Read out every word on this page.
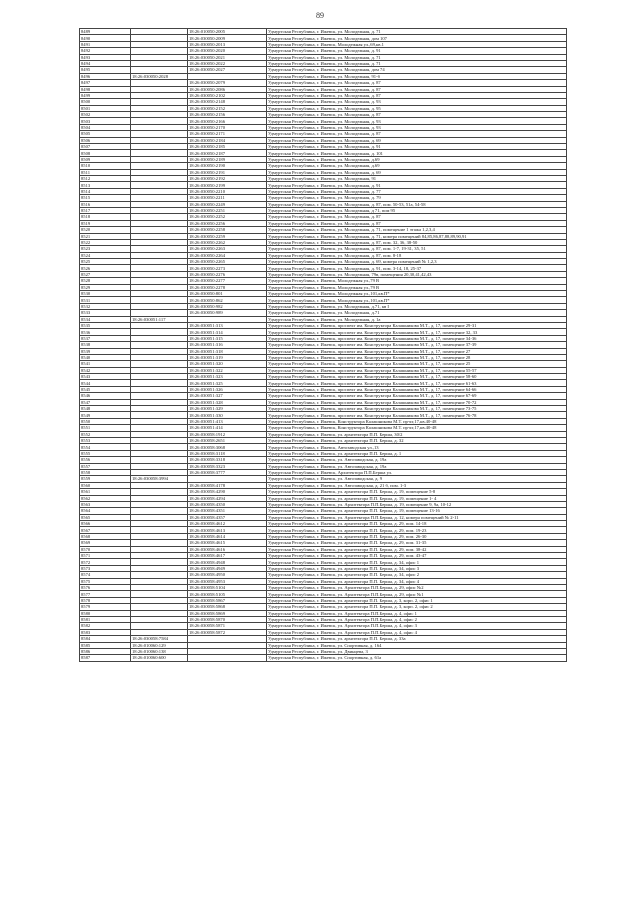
89
8489		18:26:010050:2005	Удмуртская Республика, г. Ижевск, ул. Молодежная, д. 71
8490		18:26:030050:2009	Удмуртская Республика, г. Ижевск, ул. Молодежная, дом 107
8491		18:26:030050:2013	Удмуртская Республика, г. Ижевск, Молодежная ул.,69,кв.1
8492		18:26:030050:2020	Удмуртская Республика, г. Ижевск, ул. Молодежная, д. 91
8493		18:26:030050:2021	Удмуртская Республика, г. Ижевск, ул. Молодежная, д. 71
8494		18:26:030050:2022	Удмуртская Республика, г. Ижевск, ул. Молодежная, д. 71
8495		18:26:030050:2027	Удмуртская Республика, г. Ижевск, ул. Молодежная, дом 74
8496	18:26:030050:2028		Удмуртская Республика, г. Ижевск, ул. Молодежная, 91-б
8497		18:26:030050:2079	Удмуртская Республика, г. Ижевск, ул. Молодежная, д. 87
8498		18:26:030050:2086	Удмуртская Республика, г. Ижевск, ул. Молодежная, д. 87
8499		18:26:030050:2102	Удмуртская Республика, г. Ижевск, ул. Молодежная, д. 87
8500		18:26:030050:2148	Удмуртская Республика, г. Ижевск, ул. Молодежная, д. 93
8501		18:26:030050:2152	Удмуртская Республика, г. Ижевск, ул. Молодежная, д. 95
8502		18:26:030050:2156	Удмуртская Республика, г. Ижевск, ул. Молодежная, д. 87
8503		18:26:030050:2166	Удмуртская Республика, г. Ижевск, ул. Молодежная, д. 93
8504		18:26:030050:2170	Удмуртская Республика, г. Ижевск, ул. Молодежная, д. 93
8505		18:26:030050:2171	Удмуртская Республика, г. Ижевск, ул. Молодежная, д. 87
8506		18:26:030050:2184	Удмуртская Республика, г. Ижевск, ул. Молодежная, д. 69
8507		18:26:030050:2185	Удмуртская Республика, г. Ижевск, ул. Молодежная, д. 91
8508		18:26:030050:2187	Удмуртская Республика, г. Ижевск, ул. Молодежная, д. 101
8509		18:26:030050:2189	Удмуртская Республика, г. Ижевск, ул. Молодежная, д.69
8510		18:26:030050:2190	Удмуртская Республика, г. Ижевск, ул. Молодежная, д.69
8511		18:26:030050:2191	Удмуртская Республика, г. Ижевск, ул. Молодежная, д. 69
8512		18:26:030050:2192	Удмуртская Республика, г. Ижевск, ул. Молодежная, 91
8513		18:26:030050:2199	Удмуртская Республика, г. Ижевск, ул. Молодежная, д. 91
8514		18:26:030050:2210	Удмуртская Республика, г. Ижевск, ул. Молодежная, д. 77
8515		18:26:030050:2211	Удмуртская Республика, г. Ижевск, ул. Молодежная, д. 79
8516		18:26:030050:2249	Удмуртская Республика, г. Ижевск, ул. Молодежная, д. 87, пом. 50-53, 51а, 54-58
8517		18:26:030050:2251	Удмуртская Республика, г. Ижевск, ул. Молодежная, д 71, пом 95
8518		18:26:030050:2252	Удмуртская Республика, г. Ижевск, ул. Молодежная, д. 87
8519		18:26:030050:2256	Удмуртская Республика, г. Ижевск, ул. Молодежная, д. 87
8520		18:26:030050:2258	Удмуртская Республика, г. Ижевск, ул. Молодежная, д. 71, помещение 1 этажа 1,2,3,4
8521		18:26:030050:2259	Удмуртская Республика, г. Ижевск, ул. Молодежная, д. 71, номера помещений 84,85,86,87,88,89,90,91
8522		18:26:030050:2262	Удмуртская Республика, г. Ижевск, ул. Молодежная, д. 87, пом. 32, 36, 38-50
8523		18:26:030050:2263	Удмуртская Республика, г. Ижевск, ул. Молодежная, д. 87, пом. 1-7, 19-31, 35, 51
8524		18:26:030050:2264	Удмуртская Республика, г. Ижевск, ул. Молодежная, д. 87, пом. 8-18
8525		18:26:030050:2265	Удмуртская Республика, г. Ижевск, ул. Молодежная, д. 69, номера помещений № 1,2,3
8526		18:26:030050:2273	Удмуртская Республика, г. Ижевск, ул. Молодежная, д. 91, пом. 3-14, 18, 25-37
8527		18:26:030050:2276	Удмуртская Республика, г. Ижевск, ул. Молодежная, 79в, помещения 20,30,41,42,43
8528		18:26:030050:2277	Удмуртская Республика, г. Ижевск, Молодежная ул.,79 В
8529		18:26:030050:2278	Удмуртская Республика, г. Ижевск, Молодежная ул.,79 В
8530		18:26:030050:801	Удмуртская Республика, г. Ижевск, Молодежная ул.,101,кв.П*
8531		18:26:030050:862	Удмуртская Республика, г. Ижевск, Молодежная ул.,101,кв.П*
8532		18:26:030050:982	Удмуртская Республика, г. Ижевск, ул. Молодежная, д.71, кв I
8533		18:26:030050:989	Удмуртская Республика, г. Ижевск, ул. Молодежная, д.71
8534	18:26:030051:117		Удмуртская Республика, г. Ижевск, ул. Молодежная, д. 1а
8535		18:26:030051:313	Удмуртская Республика, г. Ижевск, проспект им. Конструктора Калашникова М.Т., д. 17, помещение 29-31
8536		18:26:030051:314	Удмуртская Республика, г. Ижевск, проспект им. Конструктора Калашникова М.Т., д. 17, помещение 32, 33
8537		18:26:030051:315	Удмуртская Республика, г. Ижевск, проспект им. Конструктора Калашникова М.Т., д. 17, помещение 34-36
8538		18:26:030051:316	Удмуртская Республика, г. Ижевск, проспект им. Конструктора Калашникова М.Т., д. 17, помещение 37-39
8539		18:26:030051:318	Удмуртская Республика, г. Ижевск, проспект им. Конструктора Калашникова М.Т., д. 17, помещение 27
8540		18:26:030051:319	Удмуртская Республика, г. Ижевск, проспект им. Конструктора Калашникова М.Т., д. 17, помещение 28
8541		18:26:030051:320	Удмуртская Республика, г. Ижевск, проспект им. Конструктора Калашникова М.Т., д. 17, помещение 25
8542		18:26:030051:322	Удмуртская Республика, г. Ижевск, проспект им. Конструктора Калашникова М.Т., д. 17, помещения 55-57
8543		18:26:030051:323	Удмуртская Республика, г. Ижевск, проспект им. Конструктора Калашникова М.Т., д. 17, помещение 58-60
8544		18:26:030051:325	Удмуртская Республика, г. Ижевск, проспект им. Конструктора Калашникова М.Т., д. 17, помещение 61-63
8545		18:26:030051:326	Удмуртская Республика, г. Ижевск, проспект им. Конструктора Калашникова М.Т., д. 17, помещение 64-66
8546		18:26:030051:327	Удмуртская Республика, г. Ижевск, проспект им. Конструктора Калашникова М.Т., д. 17, помещение 67-69
8547		18:26:030051:328	Удмуртская Республика, г. Ижевск, проспект им. Конструктора Калашникова М.Т., д. 17, помещение 70-72
8548		18:26:030051:329	Удмуртская Республика, г. Ижевск, проспект им. Конструктора Калашникова М.Т., д. 17, помещение 73-75
8549		18:26:030051:330	Удмуртская Республика, г. Ижевск, проспект им. Конструктора Калашникова М.Т., д. 17, помещение 76-78
8550		18:26:030051:413	Удмуртская Республика, г. Ижевск, Конструктора Калашникова М.Т. пр-кт,17,кв.40-48
8551		18:26:030051:414	Удмуртская Республика, г. Ижевск, Конструктора Калашникова М.Т. пр-кт,17,кв.40-48
8552		18:26:030058:1912	Удмуртская Республика, г. Ижевск, ул. архитектора П.П. Берша, 30/2
8553		18:26:030058:2651	Удмуртская Республика, г. Ижевск, ул. архитектора П.П. Берша, д. 32
8554		18:26:030058:3068	Удмуртская Республика, г. Ижевск, Автозаводская ул.,13
8555		18:26:030058:3118	Удмуртская Республика, г. Ижевск, ул. архитектора П.П. Берша, д. 1
8556		18:26:030058:3318	Удмуртская Республика, г. Ижевск, ул. Автозаводская, д. 19а
8557		18:26:030058:3323	Удмуртская Республика, г. Ижевск, ул. Автозаводская, д. 19а
8558		18:26:030058:3777	Удмуртская Республика, г. Ижевск, Архитектора П.П.Берша ул.
8559	18:26:030058:3994		Удмуртская Республика, г. Ижевск, ул. Автозаводская, д. 9
8560		18:26:030058:4178	Удмуртская Республика, г. Ижевск, ул. Автозаводская, д. 21 б, пом. 1-3
8561		18:26:030058:4290	Удмуртская Республика, г. Ижевск, ул. архитектора П.П. Берша, д. 19, помещение 5-8
8562		18:26:030058:4294	Удмуртская Республика, г. Ижевск, ул. архитектора П.П. Берша, д. 19, помещение 1- 4
8563		18:26:030058:4350	Удмуртская Республика, г. Ижевск, ул. Архитектора П.П.Берша, д. 19, помещение 9, 9а, 10-12
8564		18:26:030058:4351	Удмуртская Республика, г. Ижевск, ул. архитектора П.П. Берша, д. 19, помещение 13-16
8565		18:26:030058:4357	Удмуртская Республика, г. Ижевск, ул. Архитектора П.П.Берша, д. 12, номера помещений № 2-11
8566		18:26:030058:4612	Удмуртская Республика, г. Ижевск, ул. архитектора П.П. Берша, д. 29, пом. 14-18
8567		18:26:030058:4613	Удмуртская Республика, г. Ижевск, ул. архитектора П.П. Берша, д. 29, пом. 19-23
8568		18:26:030058:4614	Удмуртская Республика, г. Ижевск, ул. архитектора П.П. Берша, д. 29, пом. 26-30
8569		18:26:030058:4615	Удмуртская Республика, г. Ижевск, ул. архитектора П.П. Берша, д. 29, пом. 31-35
8570		18:26:030058:4616	Удмуртская Республика, г. Ижевск, ул. архитектора П.П. Берша, д. 29, пом. 38-42
8571		18:26:030058:4617	Удмуртская Республика, г. Ижевск, ул. архитектора П.П. Берша, д. 29, пом. 43-47
8572		18:26:030058:4948	Удмуртская Республика, г. Ижевск, ул. архитектора П.П. Берша, д. 34, офис 1
8573		18:26:030058:4949	Удмуртская Республика, г. Ижевск, ул. архитектора П.П. Берша, д. 34, офис 3
8574		18:26:030058:4950	Удмуртская Республика, г. Ижевск, ул. архитектора П.П. Берша, д. 34, офис 2
8575		18:26:030058:4953	Удмуртская Республика, г. Ижевск, ул. архитектора П.П. Берша, д. 34, офис 4
8576		18:26:030058:5104	Удмуртская Республика, г. Ижевск, ул. Архитектора П.П.Берша, д. 29, офис №2
8577		18:26:030058:5105	Удмуртская Республика, г. Ижевск, ул. Архитектора П.П.Берша, д. 29, офис №1
8578		18:26:030058:5867	Удмуртская Республика, г. Ижевск, ул. архитектора П.П. Берша, д. 3, корп. 2, офис 1
8579		18:26:030058:5868	Удмуртская Республика, г. Ижевск, ул. архитектора П.П. Берша, д. 3, корп. 2, офис 2
8580		18:26:030058:5869	Удмуртская Республика, г. Ижевск, ул. Архитектора П.П.Берша, д. 4, офис 1
8581		18:26:030058:5870	Удмуртская Республика, г. Ижевск, ул. Архитектора П.П.Берша, д. 4, офис 2
8582		18:26:030058:5871	Удмуртская Республика, г. Ижевск, ул. Архитектора П.П.Берша, д. 4, офис 3
8583		18:26:030058:5872	Удмуртская Республика, г. Ижевск, ул. Архитектора П.П.Берша, д. 4, офис 4
8584	18:26:030058:7584		Удмуртская Республика, г. Ижевск, ул. архитектора П.П. Берша, д. 33а
8585	18:26:010060:129		Удмуртская Республика, г. Ижевск, ул. Спортивная, д. 164
8586	18:26:010060:138		Удмуртская Республика, г. Ижевск, ул. Двинцева, 3
8587	18:26:010060:600		Удмуртская Республика, г. Ижевск, ул. Спортивная, д. 61а
